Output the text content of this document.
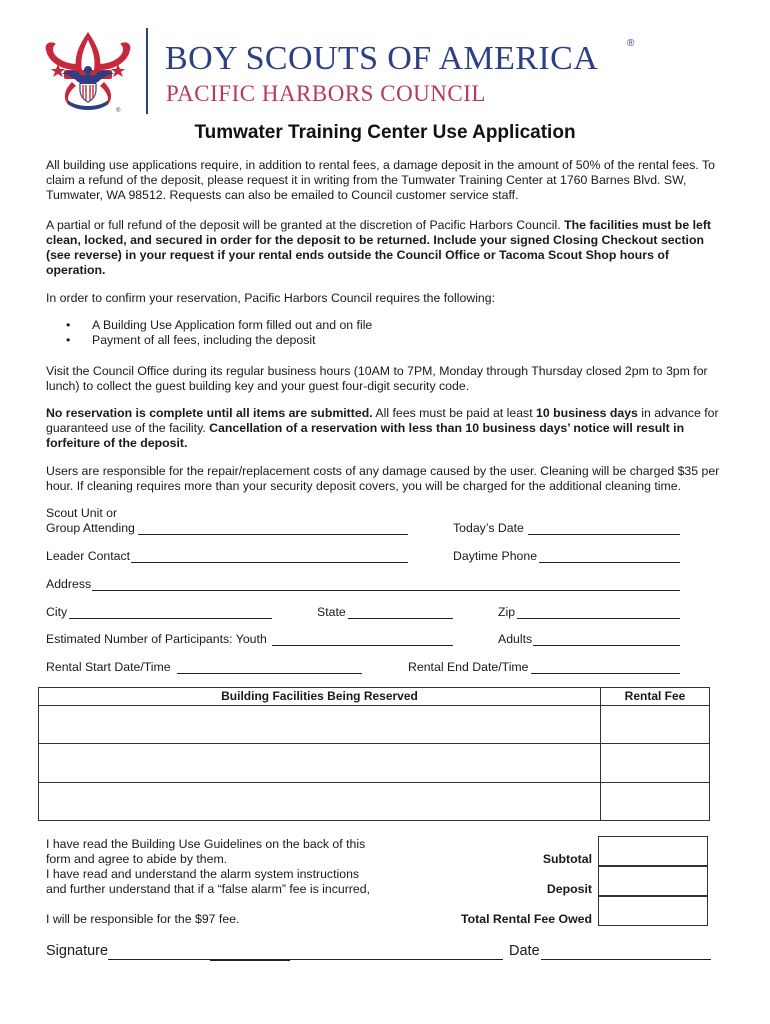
®
BOY SCOUTS OF AMERICA	®
PACIFIC HARBORS COUNCIL
Tumwater Training Center Use Application

All building use applications require, in addition to rental fees, a damage deposit in the amount of 50% of the rental fees. To claim a refund of the deposit, please request it in writing from the Tumwater Training Center at 1760 Barnes Blvd. SW, Tumwater, WA 98512. Requests can also be emailed to Council customer service staff.

A partial or full refund of the deposit will be granted at the discretion of Pacific Harbors Council. The facilities must be left clean, locked, and secured in order for the deposit to be returned. Include your signed Closing Checkout section (see reverse) in your request if your rental ends outside the Council Office or Tacoma Scout Shop hours of operation.

In order to confirm your reservation, Pacific Harbors Council requires the following:

• A Building Use Application form filled out and on file
• Payment of all fees, including the deposit

Visit the Council Office during its regular business hours (10AM to 7PM, Monday through Thursday closed 2pm to 3pm for lunch) to collect the guest building key and your guest four-digit security code.

No reservation is complete until all items are submitted. All fees must be paid at least 10 business days in advance for guaranteed use of the facility. Cancellation of a reservation with less than 10 business days’ notice will result in forfeiture of the deposit.

Users are responsible for the repair/replacement costs of any damage caused by the user. Cleaning will be charged $35 per hour. If cleaning requires more than your security deposit covers, you will be charged for the additional cleaning time.

Scout Unit or
Group Attending	Today’s Date
Leader Contact	Daytime Phone
Address
City	State	Zip
Estimated Number of Participants: Youth	Adults
Rental Start Date/Time	Rental End Date/Time
Building Facilities Being Reserved	Rental Fee
I have read the Building Use Guidelines on the back of this
form and agree to abide by them.
I have read and understand the alarm system instructions
and further understand that if a “false alarm” fee is incurred,
I will be responsible for the $97 fee.
Subtotal
Deposit
Total Rental Fee Owed
Signature	Date
